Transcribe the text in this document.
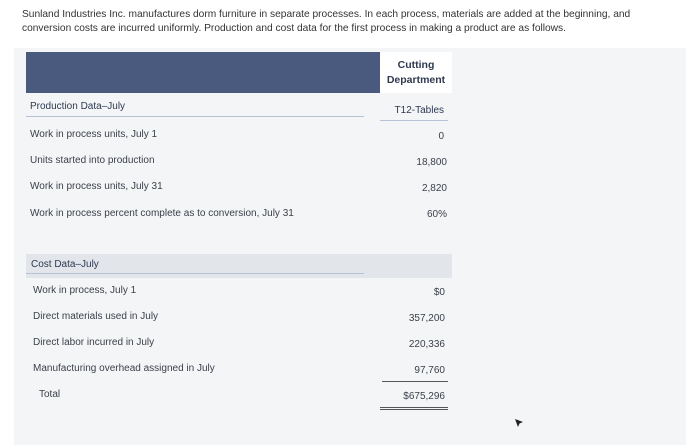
Sunland Industries Inc. manufactures dorm furniture in separate processes. In each process, materials are added at the beginning, and conversion costs are incurred uniformly. Production and cost data for the first process in making a product are as follows.
Cutting
Department
Production Data–July	T12-Tables
Work in process units, July 1	0
Units started into production	18,800
Work in process units, July 31	2,820
Work in process percent complete as to conversion, July 31	60%
Cost Data–July
Work in process, July 1	$0
Direct materials used in July	357,200
Direct labor incurred in July	220,336
Manufacturing overhead assigned in July	97,760
Total	$675,296
